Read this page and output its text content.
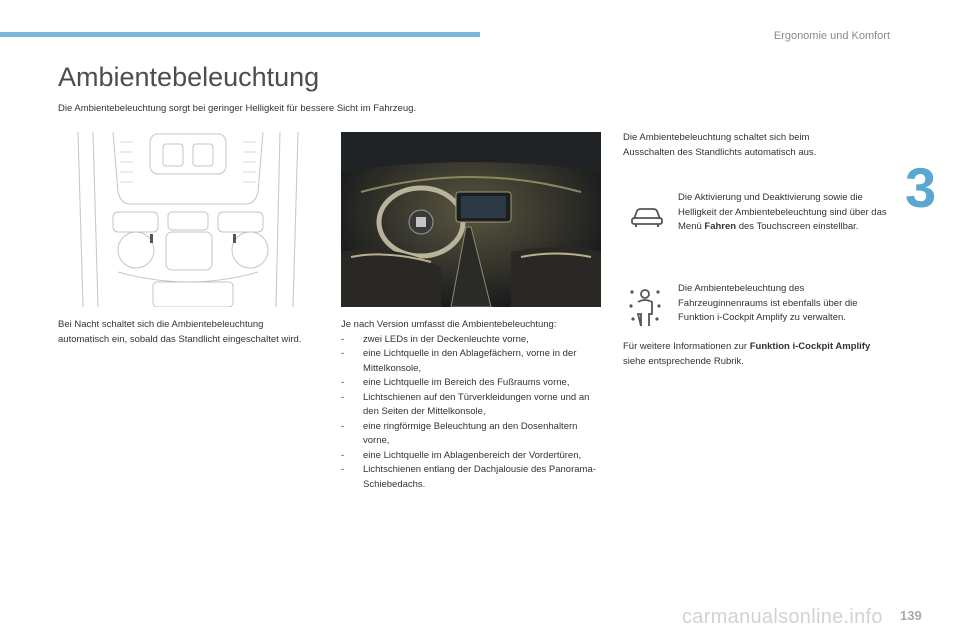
Ergonomie und Komfort
3
Ambientebeleuchtung
Die Ambientebeleuchtung sorgt bei geringer Helligkeit für bessere Sicht im Fahrzeug.
Bei Nacht schaltet sich die Ambientebeleuchtung automatisch ein, sobald das Standlicht eingeschaltet wird.
Je nach Version umfasst die Ambientebeleuchtung:
- zwei LEDs in der Deckenleuchte vorne,
- eine Lichtquelle in den Ablagefächern, vorne in der Mittelkonsole,
- eine Lichtquelle im Bereich des Fußraums vorne,
- Lichtschienen auf den Türverkleidungen vorne und an den Seiten der Mittelkonsole,
- eine ringförmige Beleuchtung an den Dosenhaltern vorne,
- eine Lichtquelle im Ablagenbereich der Vordertüren,
- Lichtschienen entlang der Dachjalousie des Panorama-Schiebedachs.
Die Ambientebeleuchtung schaltet sich beim Ausschalten des Standlichts automatisch aus.
Die Aktivierung und Deaktivierung sowie die Helligkeit der Ambientebeleuchtung sind über das Menü Fahren des Touchscreen einstellbar.
Die Ambientebeleuchtung des Fahrzeuginnenraums ist ebenfalls über die Funktion i-Cockpit Amplify zu verwalten.
Für weitere Informationen zur Funktion i-Cockpit Amplify siehe entsprechende Rubrik.
carmanualsonline.info 139
